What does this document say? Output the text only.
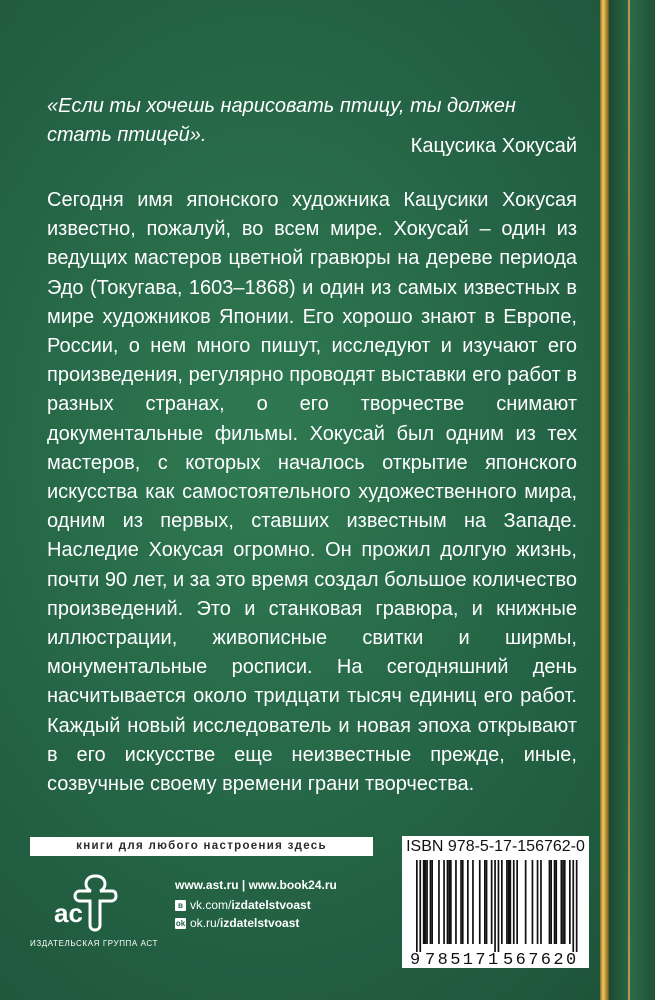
«Если ты хочешь нарисовать птицу, ты должен стать птицей».	Кацусика Хокусай
Сегодня имя японского художника Кацусики Хокусая известно, пожалуй, во всем мире. Хокусай – один из ведущих мастеров цветной гравюры на дереве периода Эдо (Токугава, 1603–1868) и один из самых известных в мире художников Японии. Его хорошо знают в Европе, России, о нем много пишут, исследуют и изучают его произведения, регулярно проводят выставки его работ в разных странах, о его творчестве снимают документальные фильмы. Хокусай был одним из тех мастеров, с которых началось открытие японского искусства как самостоятельного художественного мира, одним из первых, ставших известным на Западе. Наследие Хокусая огромно. Он прожил долгую жизнь, почти 90 лет, и за это время создал большое количество произведений. Это и станковая гравюра, и книжные иллюстрации, живописные свитки и ширмы, монументальные росписи. На сегодняшний день насчитывается около тридцати тысяч единиц его работ. Каждый новый исследователь и новая эпоха открывают в его искусстве еще неизвестные прежде, иные, созвучные своему времени грани творчества.
книги для любого настроения здесь
ас
ИЗДАТЕЛЬСКАЯ ГРУППА АСТ
www.ast.ru | www.book24.ru
в vk.com/izdatelstvoast
ok ok.ru/izdatelstvoast
ISBN 978-5-17-156762-0
9 785171 567620
